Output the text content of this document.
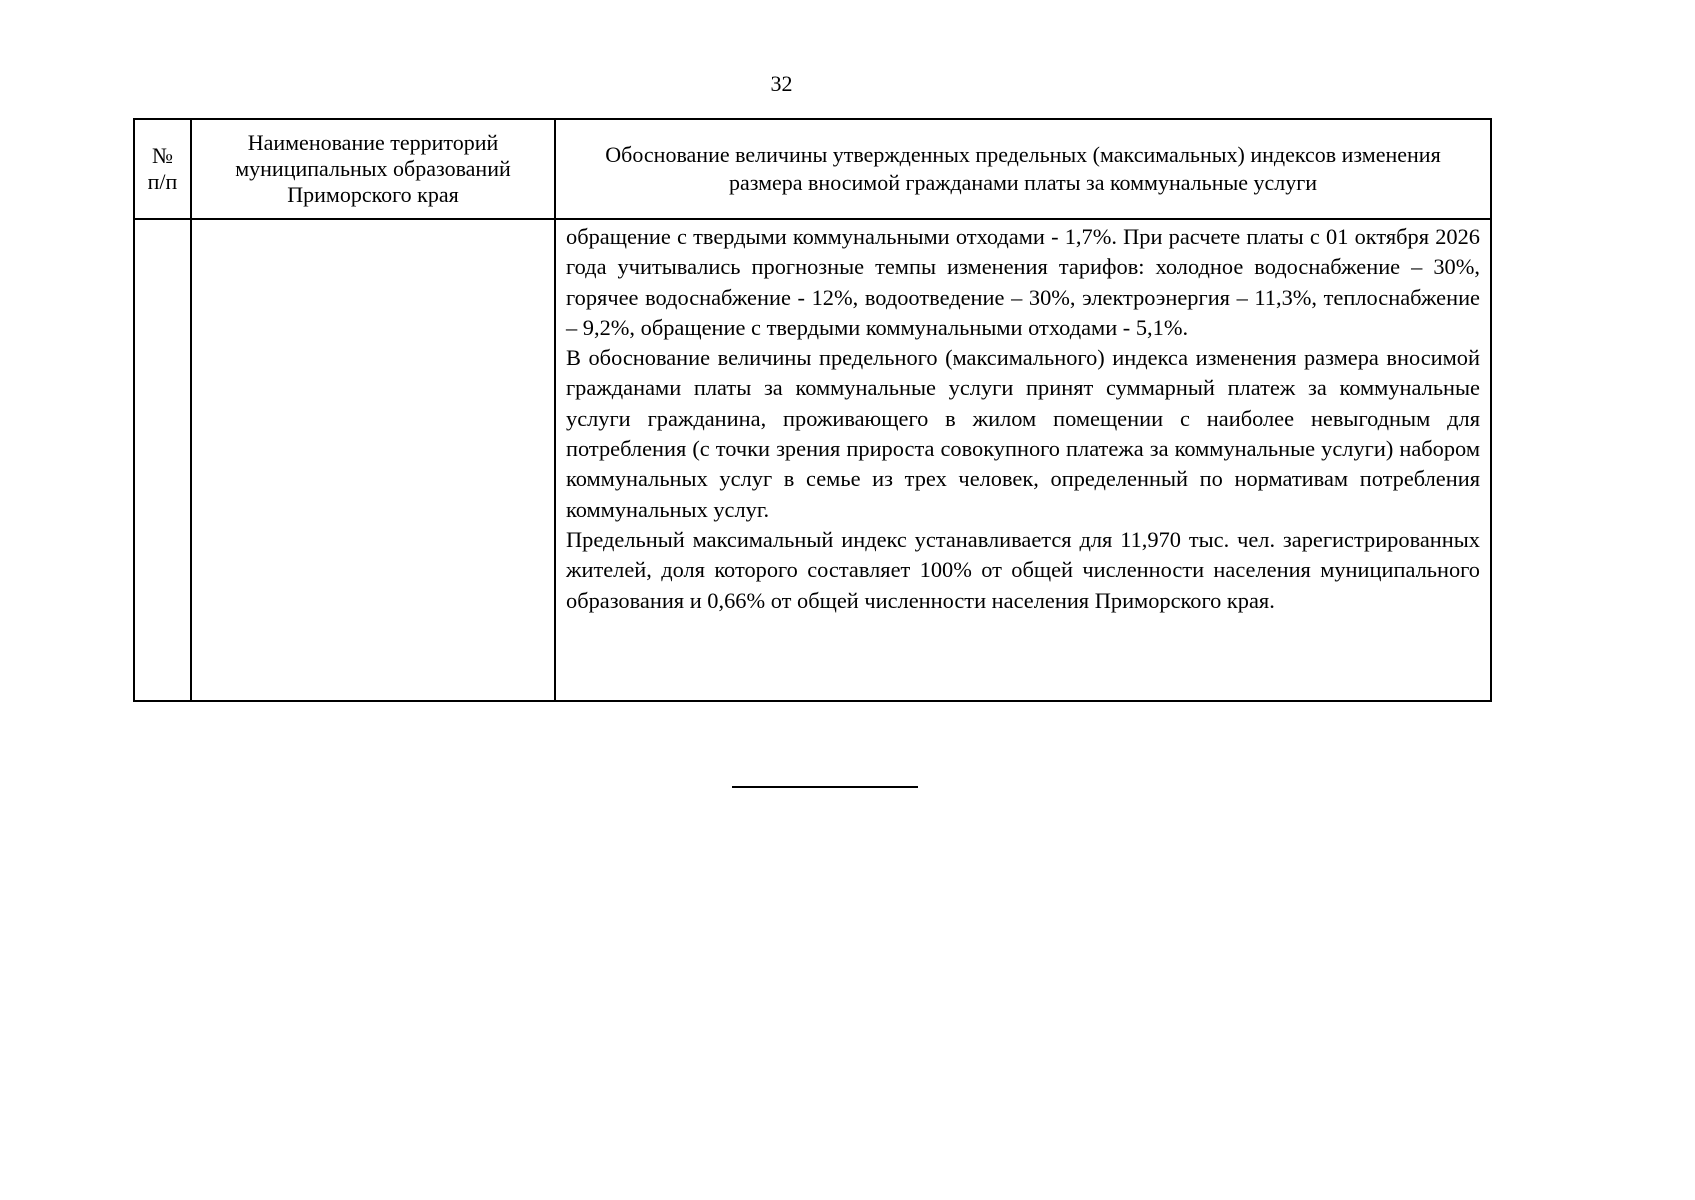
32
№
п/п	Наименование территорий муниципальных образований Приморского края	Обоснование величины утвержденных предельных (максимальных) индексов изменения размера вносимой гражданами платы за коммунальные услуги

		обращение с твердыми коммунальными отходами - 1,7%. При расчете платы с 01 октября 2026 года учитывались прогнозные темпы изменения тарифов: холодное водоснабжение – 30%, горячее водоснабжение - 12%, водоотведение – 30%, электроэнергия – 11,3%, теплоснабжение – 9,2%, обращение с твердыми коммунальными отходами - 5,1%.

В обоснование величины предельного (максимального) индекса изменения размера вносимой гражданами платы за коммунальные услуги принят суммарный платеж за коммунальные услуги гражданина, проживающего в жилом помещении с наиболее невыгодным для потребления (с точки зрения прироста совокупного платежа за коммунальные услуги) набором коммунальных услуг в семье из трех человек, определенный по нормативам потребления коммунальных услуг.

Предельный максимальный индекс устанавливается для 11,970 тыс. чел. зарегистрированных жителей, доля которого составляет 100% от общей численности населения муниципального образования и 0,66% от общей численности населения Приморского края.
